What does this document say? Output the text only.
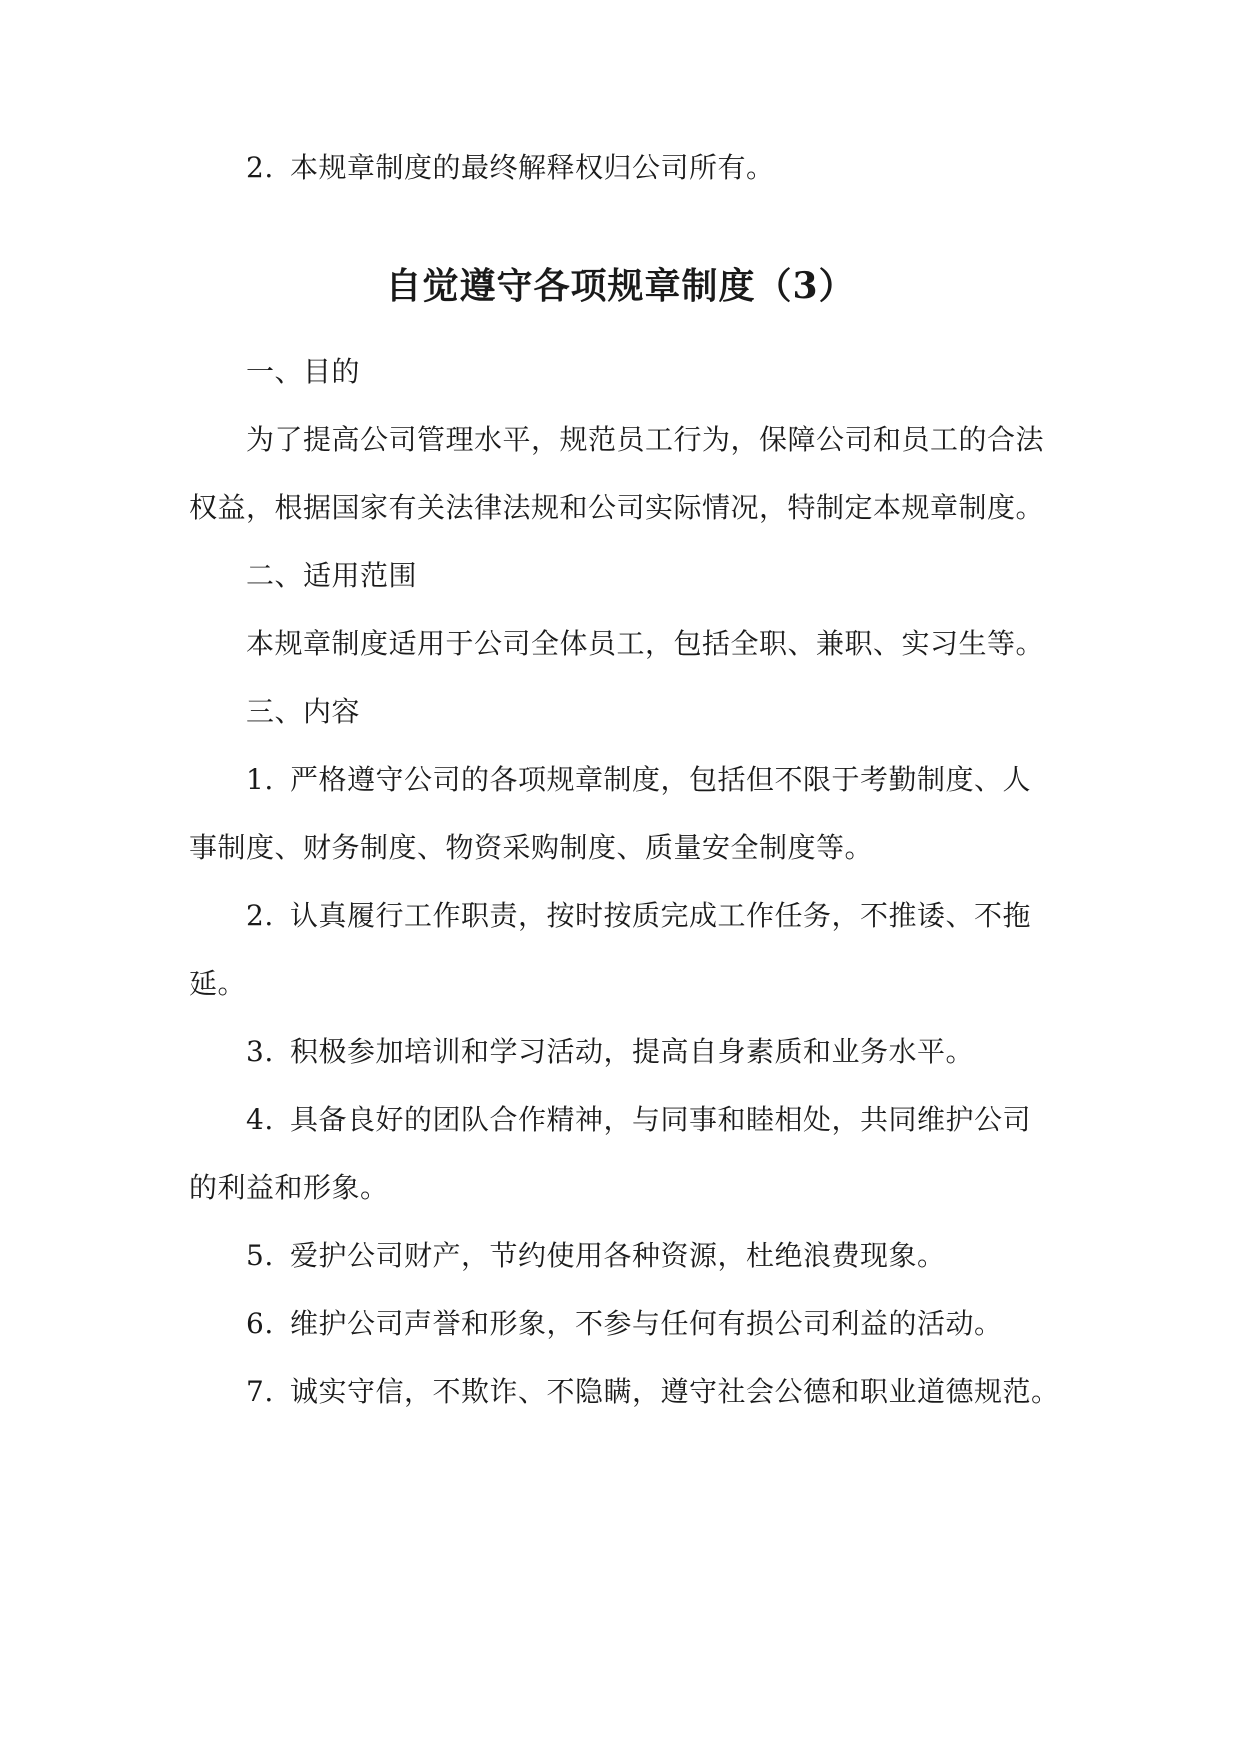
2. 本规章制度的最终解释权归公司所有。
自觉遵守各项规章制度（3）
一、目的
为了提高公司管理水平，规范员工行为，保障公司和员工的合法
权益，根据国家有关法律法规和公司实际情况，特制定本规章制度。
二、适用范围
本规章制度适用于公司全体员工，包括全职、兼职、实习生等。
三、内容
1. 严格遵守公司的各项规章制度，包括但不限于考勤制度、人
事制度、财务制度、物资采购制度、质量安全制度等。
2. 认真履行工作职责，按时按质完成工作任务，不推诿、不拖
延。
3. 积极参加培训和学习活动，提高自身素质和业务水平。
4. 具备良好的团队合作精神，与同事和睦相处，共同维护公司
的利益和形象。
5. 爱护公司财产，节约使用各种资源，杜绝浪费现象。
6. 维护公司声誉和形象，不参与任何有损公司利益的活动。
7. 诚实守信，不欺诈、不隐瞒，遵守社会公德和职业道德规范。
